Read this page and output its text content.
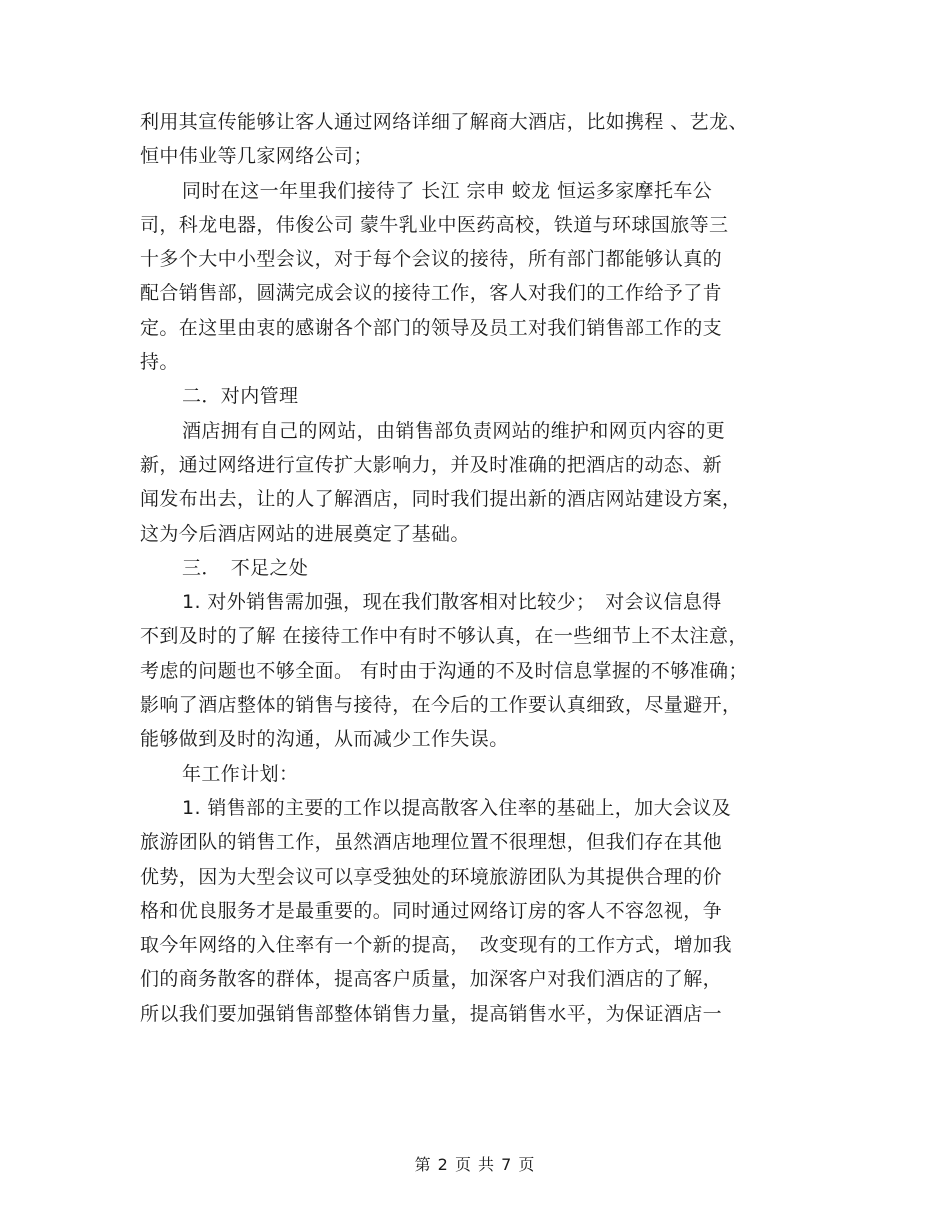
利用其宣传能够让客人通过网络详细了解商大酒店，比如携程 、艺龙、
恒中伟业等几家网络公司；
同时在这一年里我们接待了 长江 宗申 蛟龙 恒运多家摩托车公
司，科龙电器，伟俊公司 蒙牛乳业中医药高校，铁道与环球国旅等三
十多个大中小型会议，对于每个会议的接待，所有部门都能够认真的
配合销售部，圆满完成会议的接待工作，客人对我们的工作给予了肯
定。在这里由衷的感谢各个部门的领导及员工对我们销售部工作的支
持。
二．对内管理
酒店拥有自己的网站，由销售部负责网站的维护和网页内容的更
新，通过网络进行宣传扩大影响力，并及时准确的把酒店的动态、新
闻发布出去，让的人了解酒店，同时我们提出新的酒店网站建设方案，
这为今后酒店网站的进展奠定了基础。
三．　不足之处
1. 对外销售需加强，现在我们散客相对比较少；　对会议信息得
不到及时的了解 在接待工作中有时不够认真，在一些细节上不太注意，
考虑的问题也不够全面。 有时由于沟通的不及时信息掌握的不够准确；
影响了酒店整体的销售与接待，在今后的工作要认真细致，尽量避开，
能够做到及时的沟通，从而减少工作失误。
年工作计划：
1. 销售部的主要的工作以提高散客入住率的基础上，加大会议及
旅游团队的销售工作，虽然酒店地理位置不很理想，但我们存在其他
优势，因为大型会议可以享受独处的环境旅游团队为其提供合理的价
格和优良服务才是最重要的。同时通过网络订房的客人不容忽视，争
取今年网络的入住率有一个新的提高，　改变现有的工作方式，增加我
们的商务散客的群体，提高客户质量，加深客户对我们酒店的了解，
所以我们要加强销售部整体销售力量，提高销售水平，为保证酒店一
第 2 页 共 7 页
